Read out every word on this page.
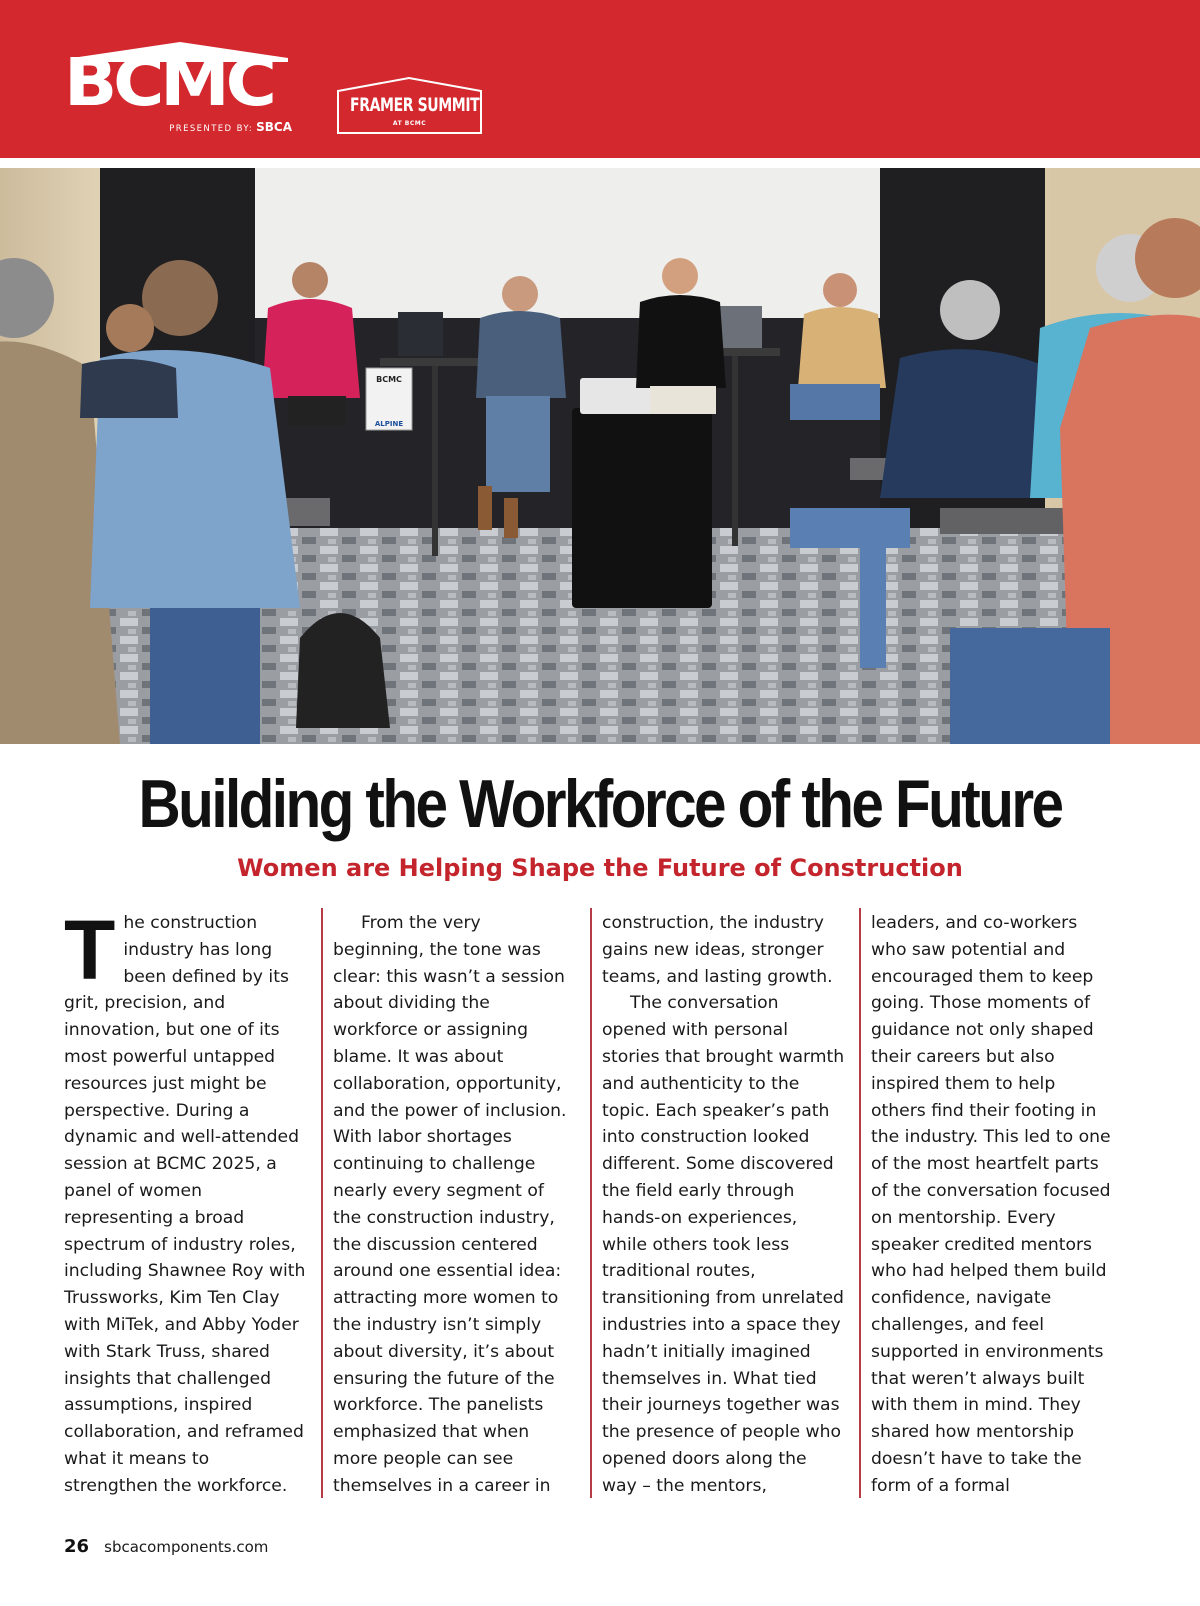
BCMC
PRESENTED BY: SBCA
FRAMER SUMMIT
AT BCMC
BCMC
ALPINE
Building the Workforce of the Future
Women are Helping Shape the Future of Construction
T he construction industry has long been defined by its grit, precision, and innovation, but one of its most powerful untapped resources just might be perspective. During a dynamic and well-attended session at BCMC 2025, a panel of women representing a broad spectrum of industry roles, including Shawnee Roy with Trussworks, Kim Ten Clay with MiTek, and Abby Yoder with Stark Truss, shared insights that challenged assumptions, inspired collaboration, and reframed what it means to strengthen the workforce.
From the very beginning, the tone was clear: this wasn’t a session about dividing the workforce or assigning blame. It was about collaboration, opportunity, and the power of inclusion. With labor shortages continuing to challenge nearly every segment of the construction industry, the discussion centered around one essential idea: attracting more women to the industry isn’t simply about diversity, it’s about ensuring the future of the workforce. The panelists emphasized that when more people can see themselves in a career in
construction, the industry gains new ideas, stronger teams, and lasting growth.
The conversation opened with personal stories that brought warmth and authenticity to the topic. Each speaker’s path into construction looked different. Some discovered the field early through hands-on experiences, while others took less traditional routes, transitioning from unrelated industries into a space they hadn’t initially imagined themselves in. What tied their journeys together was the presence of people who opened doors along the way – the mentors,
leaders, and co-workers who saw potential and encouraged them to keep going. Those moments of guidance not only shaped their careers but also inspired them to help others find their footing in the industry. This led to one of the most heartfelt parts of the conversation focused on mentorship. Every speaker credited mentors who had helped them build confidence, navigate challenges, and feel supported in environments that weren’t always built with them in mind. They shared how mentorship doesn’t have to take the form of a formal
26 sbcacomponents.com
